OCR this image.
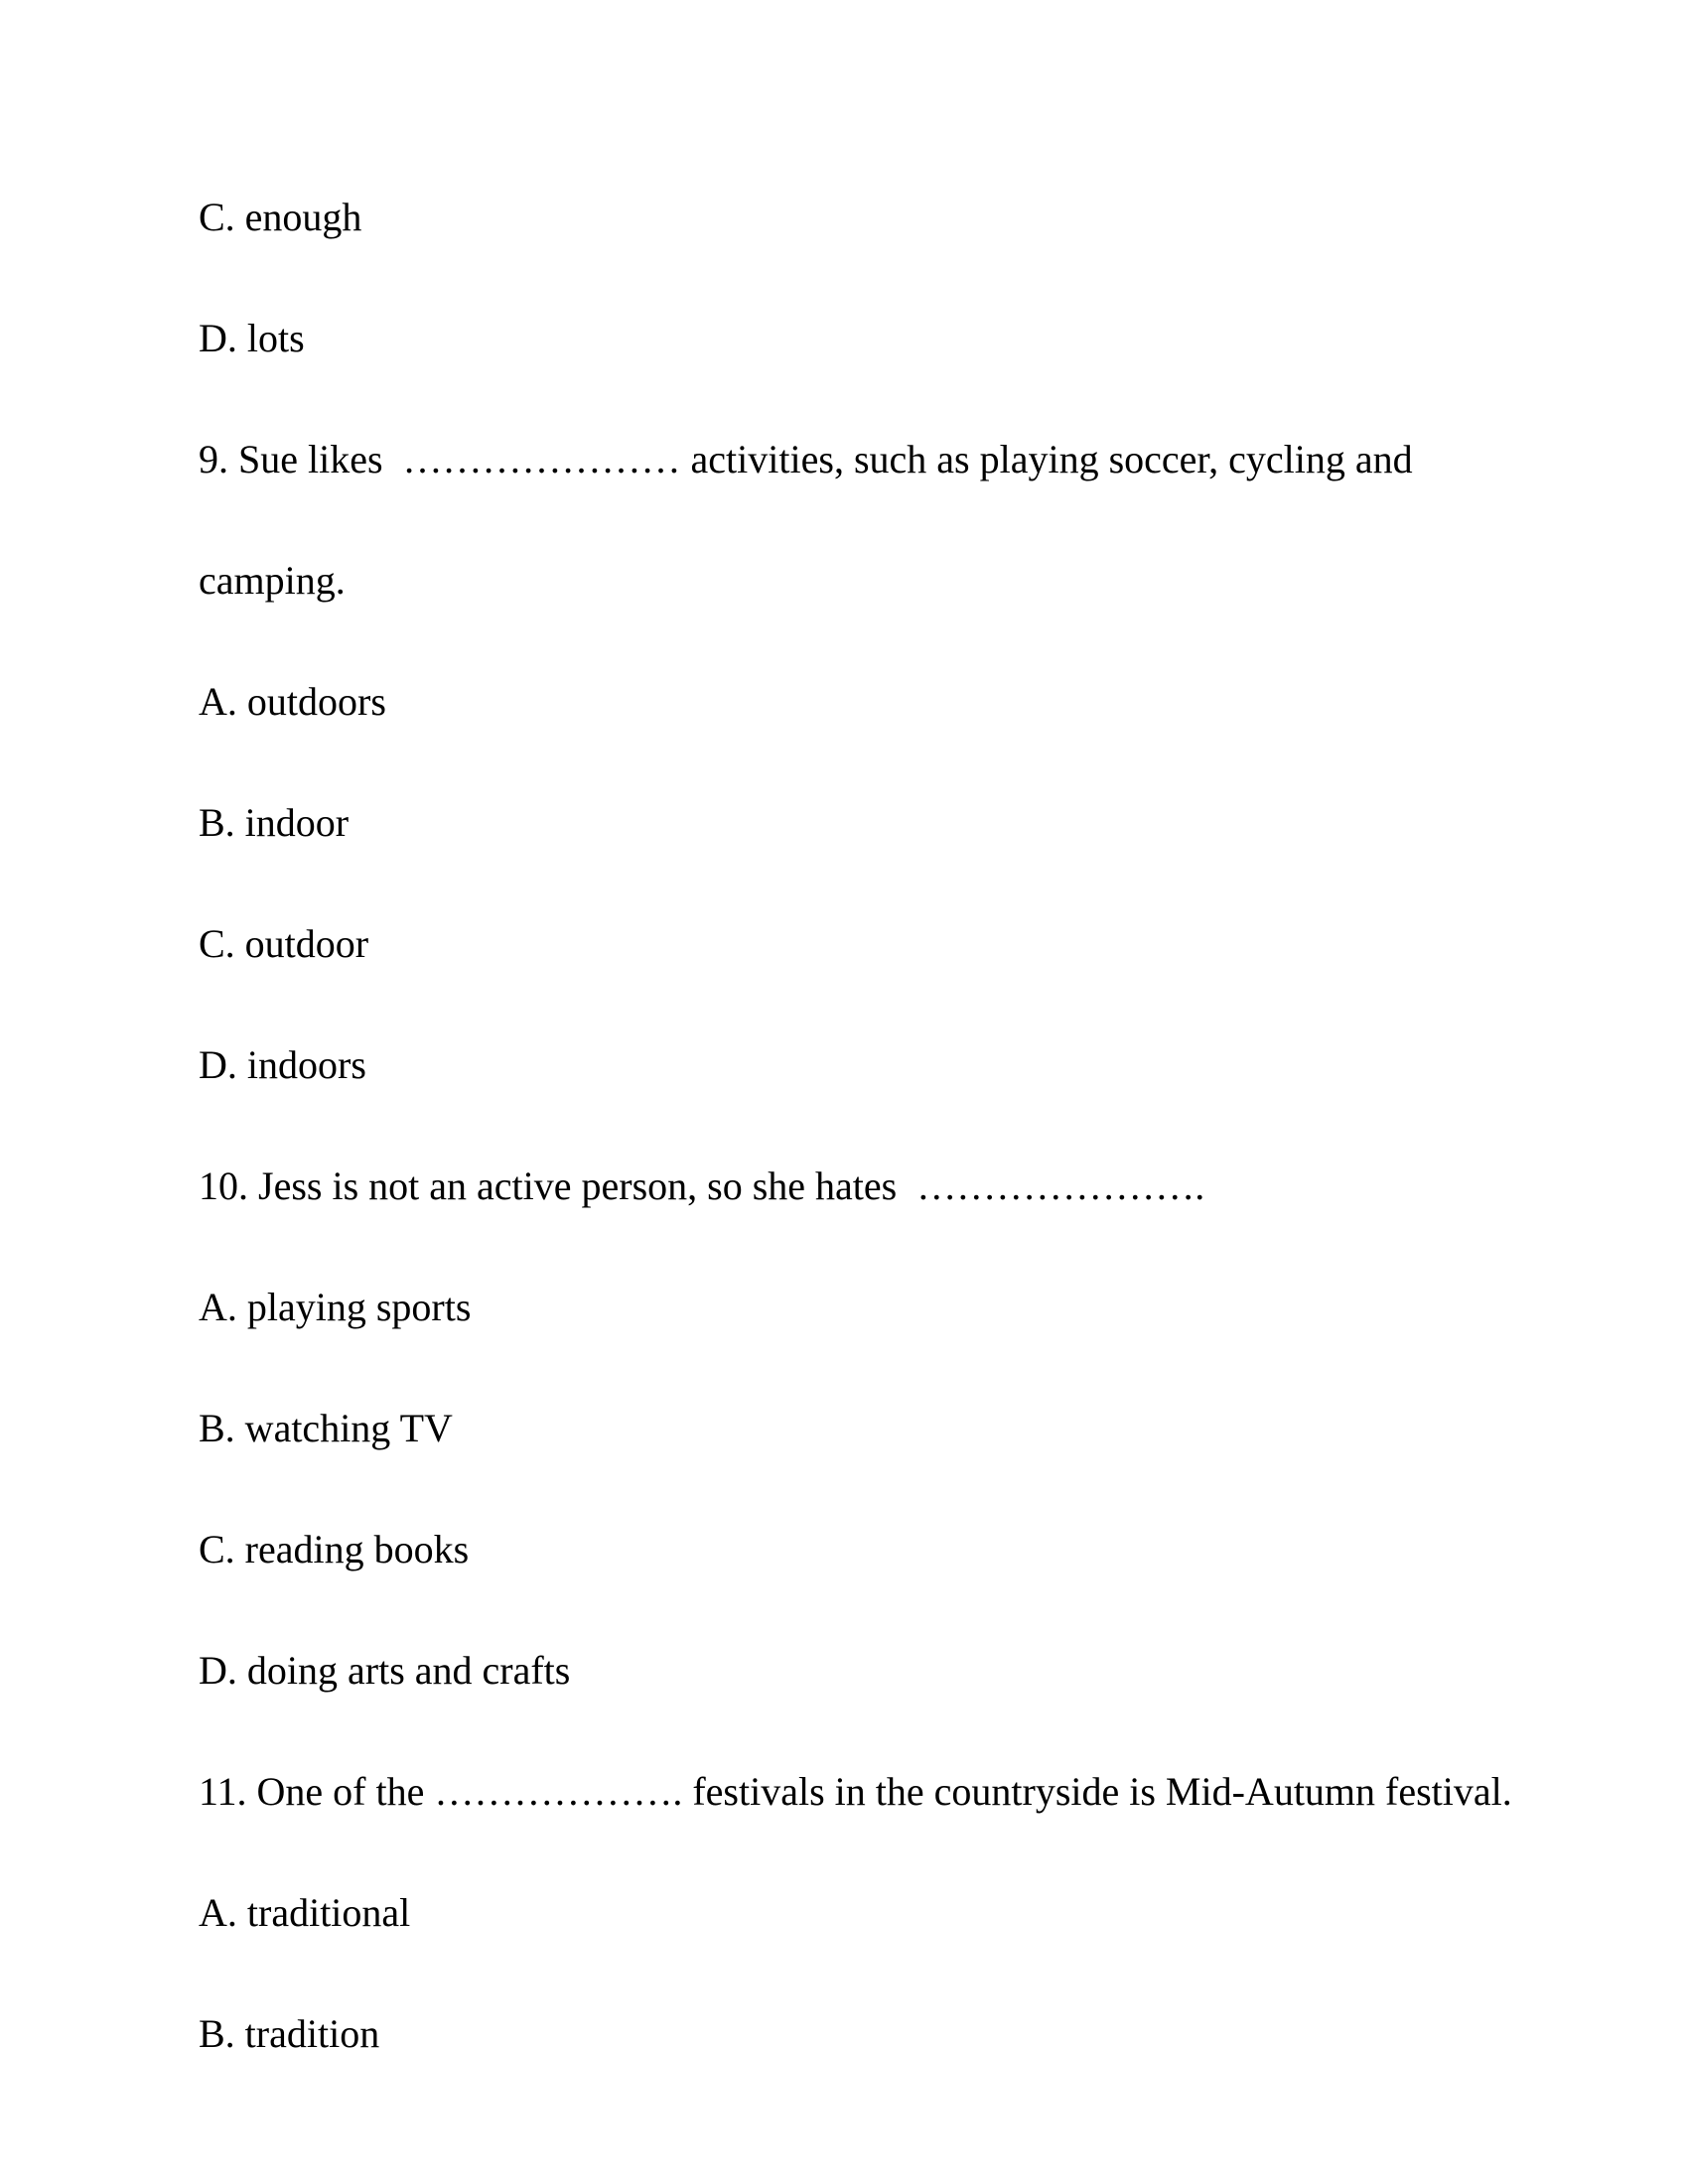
C. enough

D. lots

9. Sue likes  ………………… activities, such as playing soccer, cycling and camping.

A. outdoors

B. indoor

C. outdoor

D. indoors

10. Jess is not an active person, so she hates  ………………….

A. playing sports

B. watching TV

C. reading books

D. doing arts and crafts

11. One of the ………………. festivals in the countryside is Mid-Autumn festival.

A. traditional

B. tradition
